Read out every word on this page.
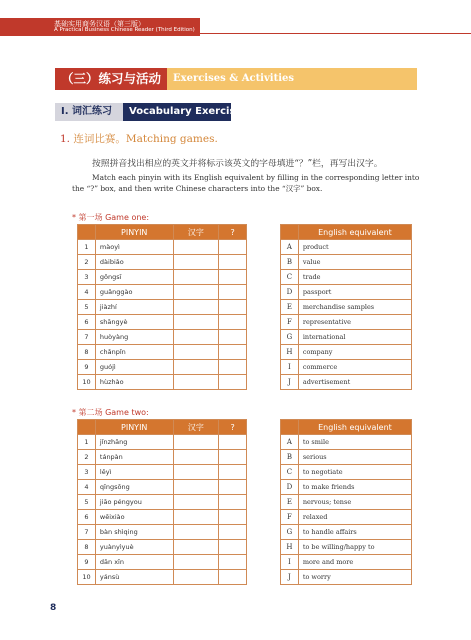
基础实用商务汉语（第三版）
A Practical Business Chinese Reader (Third Edition)
（三）练习与活动	Exercises & Activities
I. 词汇练习	Vocabulary Exercises
1. 连词比赛。Matching games.
按照拼音找出相应的英文并将标示该英文的字母填进“？”栏，再写出汉字。
Match each pinyin with its English equivalent by filling in the corresponding letter into the “?” box, and then write Chinese characters into the “汉字” box.
* 第一场 Game one:
	PINYIN	汉字	?
1	màoyì		
2	dàibiǎo		
3	gōngsī		
4	guǎnggào		
5	jiàzhí		
6	shāngyè		
7	huòyàng		
8	chǎnpǐn		
9	guójì		
10	hùzhào		
	English equivalent
A	product
B	value
C	trade
D	passport
E	merchandise samples
F	representative
G	international
H	company
I	commerce
J	advertisement
* 第二场 Game two:
	PINYIN	汉字	?
1	jǐnzhāng		
2	tánpàn		
3	lěyì		
4	qīngsōng		
5	jiāo péngyou		
6	wēixiào		
7	bàn shìqing		
8	yuànyìyuè		
9	dān xīn		
10	yánsù		
	English equivalent
A	to smile
B	serious
C	to negotiate
D	to make friends
E	nervous; tense
F	relaxed
G	to handle affairs
H	to be willing/happy to
I	more and more
J	to worry
8
